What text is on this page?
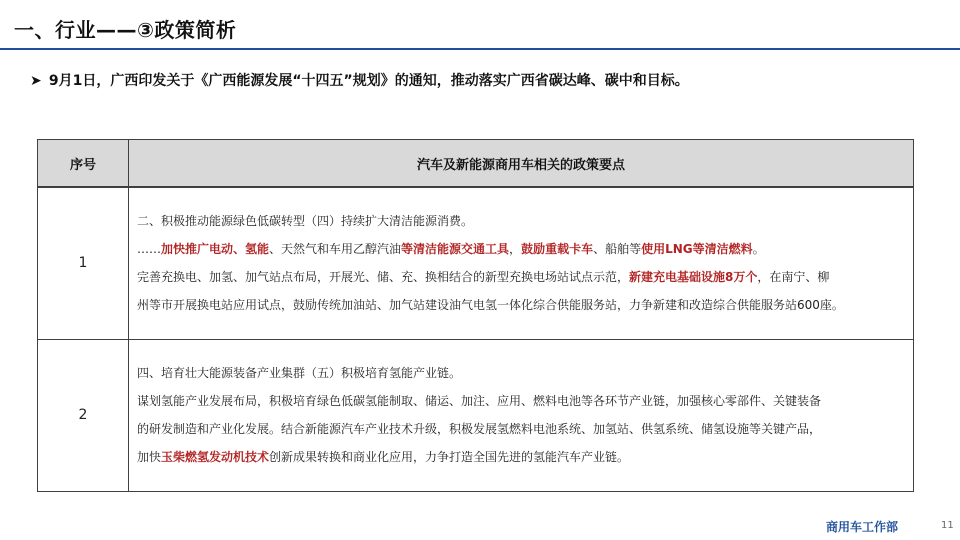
一、行业——③政策简析
➤ 9月1日，广西印发关于《广西能源发展“十四五”规划》的通知，推动落实广西省碳达峰、碳中和目标。
序号	汽车及新能源商用车相关的政策要点
1	二、积极推动能源绿色低碳转型（四）持续扩大清洁能源消费。
……加快推广电动、氢能、天然气和车用乙醇汽油等清洁能源交通工具，鼓励重载卡车、船舶等使用LNG等清洁燃料。
完善充换电、加氢、加气站点布局，开展光、储、充、换相结合的新型充换电场站试点示范，新建充电基础设施8万个，在南宁、柳
州等市开展换电站应用试点，鼓励传统加油站、加气站建设油气电氢一体化综合供能服务站，力争新建和改造综合供能服务站600座。

2	四、培育壮大能源装备产业集群（五）积极培育氢能产业链。
谋划氢能产业发展布局，积极培育绿色低碳氢能制取、储运、加注、应用、燃料电池等各环节产业链，加强核心零部件、关键装备
的研发制造和产业化发展。结合新能源汽车产业技术升级，积极发展氢燃料电池系统、加氢站、供氢系统、储氢设施等关键产品，
加快玉柴燃氢发动机技术创新成果转换和商业化应用，力争打造全国先进的氢能汽车产业链。
商用车工作部	11
